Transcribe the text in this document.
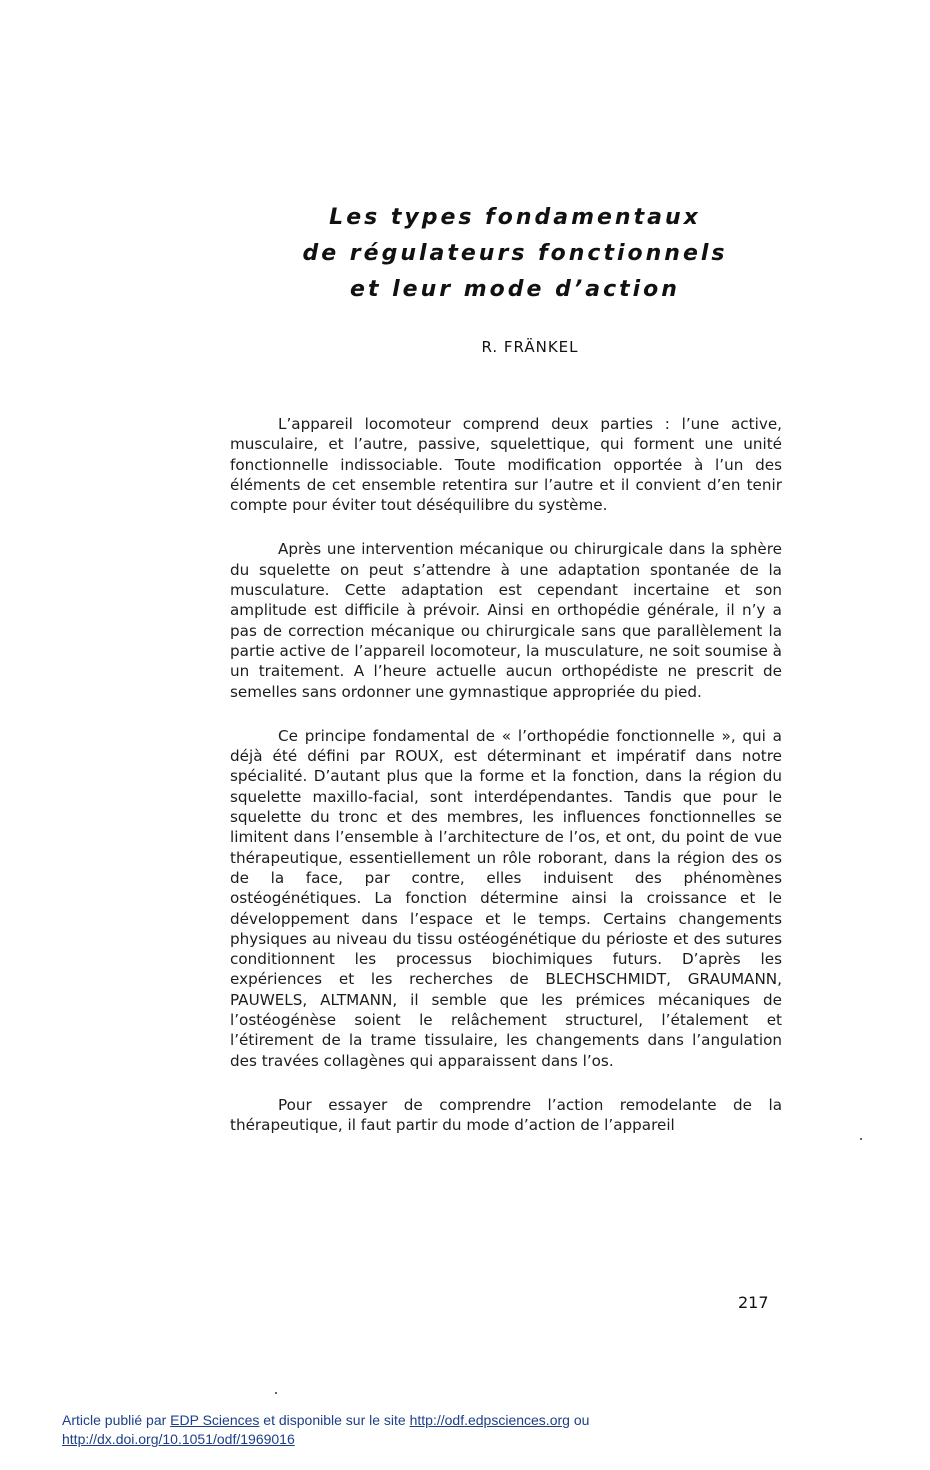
Les types fondamentaux
de régulateurs fonctionnels
et leur mode d’action
R. FRÄNKEL

L’appareil locomoteur comprend deux parties : l’une active, musculaire, et l’autre, passive, squelettique, qui forment une unité fonctionnelle indissociable. Toute modification opportée à l’un des éléments de cet ensemble retentira sur l’autre et il convient d’en tenir compte pour éviter tout déséquilibre du système.

Après une intervention mécanique ou chirurgicale dans la sphère du squelette on peut s’attendre à une adaptation spontanée de la musculature. Cette adaptation est cependant incertaine et son amplitude est difficile à prévoir. Ainsi en orthopédie générale, il n’y a pas de correction mécanique ou chirurgicale sans que parallèlement la partie active de l’appareil locomoteur, la musculature, ne soit soumise à un traitement. A l’heure actuelle aucun orthopédiste ne prescrit de semelles sans ordonner une gymnastique appropriée du pied.

Ce principe fondamental de « l’orthopédie fonctionnelle », qui a déjà été défini par ROUX, est déterminant et impératif dans notre spécialité. D’autant plus que la forme et la fonction, dans la région du squelette maxillo-facial, sont interdépendantes. Tandis que pour le squelette du tronc et des membres, les influences fonctionnelles se limitent dans l’ensemble à l’architecture de l’os, et ont, du point de vue thérapeutique, essentiellement un rôle roborant, dans la région des os de la face, par contre, elles induisent des phénomènes ostéogénétiques. La fonction détermine ainsi la croissance et le développement dans l’espace et le temps. Certains changements physiques au niveau du tissu ostéogénétique du périoste et des sutures conditionnent les processus biochimiques futurs. D’après les expériences et les recherches de BLECHSCHMIDT, GRAUMANN, PAUWELS, ALTMANN, il semble que les prémices mécaniques de l’ostéogénèse soient le relâchement structurel, l’étalement et l’étirement de la trame tissulaire, les changements dans l’angulation des travées collagènes qui apparaissent dans l’os.

Pour essayer de comprendre l’action remodelante de la thérapeutique, il faut partir du mode d’action de l’appareil

217
Article publié par EDP Sciences et disponible sur le site http://odf.edpsciences.org ou
http://dx.doi.org/10.1051/odf/1969016
